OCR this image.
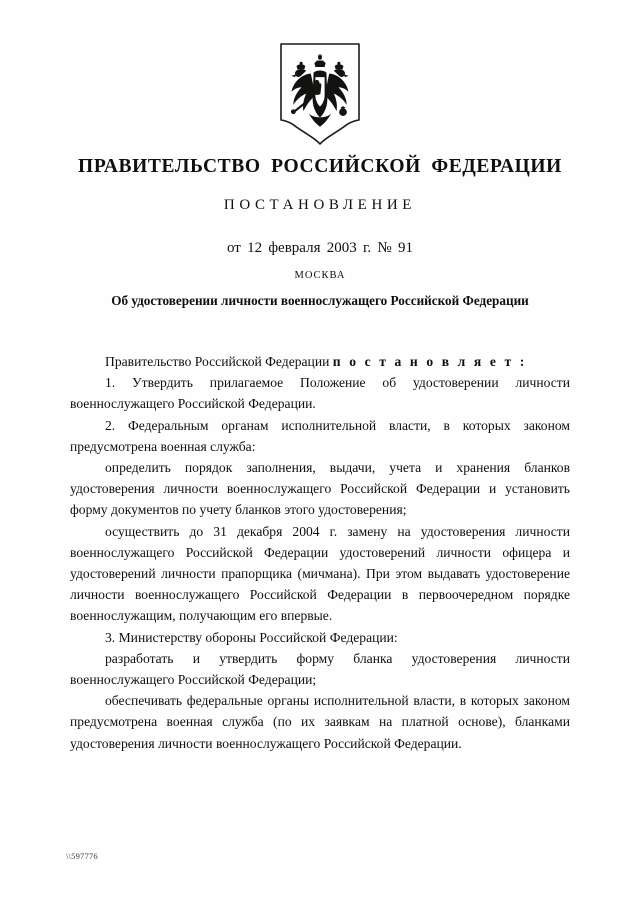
ПРАВИТЕЛЬСТВО РОССИЙСКОЙ ФЕДЕРАЦИИ
ПОСТАНОВЛЕНИЕ
от 12 февраля 2003 г. № 91
МОСКВА
Об удостоверении личности военнослужащего Российской Федерации

Правительство Российской Федерации п о с т а н о в л я е т :

1. Утвердить прилагаемое Положение об удостоверении личности военнослужащего Российской Федерации.

2. Федеральным органам исполнительной власти, в которых законом предусмотрена военная служба:

определить порядок заполнения, выдачи, учета и хранения бланков удостоверения личности военнослужащего Российской Федерации и установить форму документов по учету бланков этого удостоверения;

осуществить до 31 декабря 2004 г. замену на удостоверения личности военнослужащего Российской Федерации удостоверений личности офицера и удостоверений личности прапорщика (мичмана). При этом выдавать удостоверение личности военнослужащего Российской Федерации в первоочередном порядке военнослужащим, получающим его впервые.

3. Министерству обороны Российской Федерации:

разработать и утвердить форму бланка удостоверения личности военнослужащего Российской Федерации;

обеспечивать федеральные органы исполнительной власти, в которых законом предусмотрена военная служба (по их заявкам на платной основе), бланками удостоверения личности военнослужащего Российской Федерации.

\\597776
